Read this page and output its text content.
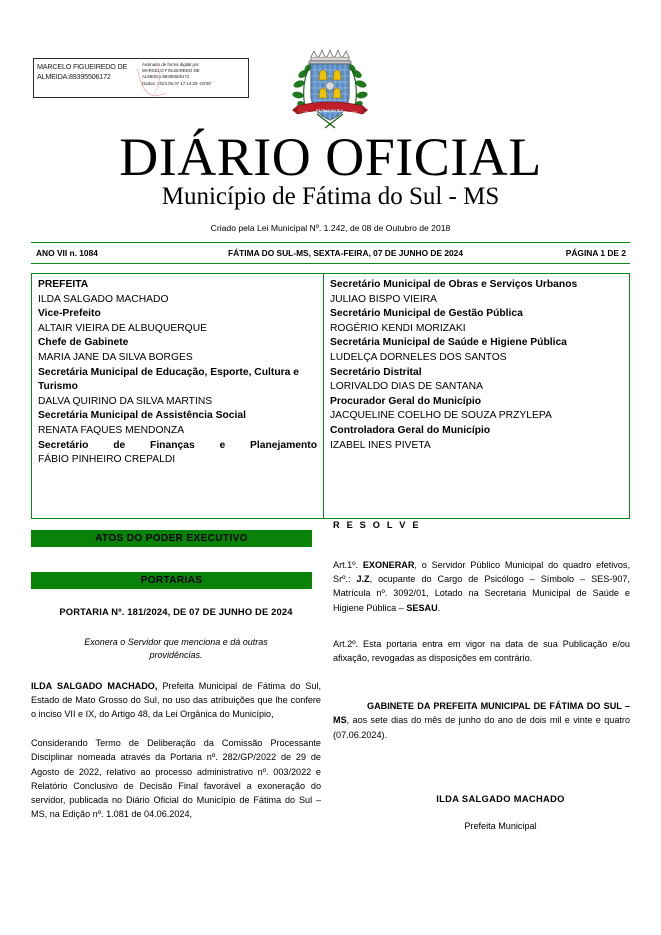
MARCELO FIGUEIREDO DE
ALMEIDA:89395506172
Assinado de forma digital por
MARCELO FIGUEIREDO DE
ALMEIDA:89395506172
Dados: 2024.06.07 17:14:29 -04'00'
FÁTIMA DO SUL
1958	1958
DIÁRIO OFICIAL
Município de Fátima do Sul - MS
Criado pela Lei Municipal Nº. 1.242, de 08 de Outubro de 2018
ANO VII n. 1084	FÁTIMA DO SUL-MS, SEXTA-FEIRA, 07 DE JUNHO DE 2024	PÁGINA 1 DE 2
PREFEITA
ILDA SALGADO MACHADO
Vice-Prefeito
ALTAIR VIEIRA DE ALBUQUERQUE
Chefe de Gabinete
MARIA JANE DA SILVA BORGES
Secretária Municipal de Educação, Esporte, Cultura e Turismo
DALVA QUIRINO DA SILVA MARTINS
Secretária Municipal de Assistência Social
RENATA FAQUES MENDONZA
Secretário de Finanças e Planejamento
FÁBIO PINHEIRO CREPALDI
Secretário Municipal de Obras e Serviços Urbanos
JULIAO BISPO VIEIRA
Secretário Municipal de Gestão Pública
ROGÉRIO KENDI MORIZAKI
Secretária Municipal de Saúde e Higiene Pública
LUDELÇA DORNELES DOS SANTOS
Secretário Distrital
LORIVALDO DIAS DE SANTANA
Procurador Geral do Município
JACQUELINE COELHO DE SOUZA PRZYLEPA
Controladora Geral do Município
IZABEL INES PIVETA
ATOS DO PODER EXECUTIVO
PORTARIAS
PORTARIA Nº. 181/2024, DE 07 DE JUNHO DE 2024
Exonera o Servidor que menciona e dá outras providências.
ILDA SALGADO MACHADO, Prefeita Municipal de Fátima do Sul, Estado de Mato Grosso do Sul, no uso das atribuições que lhe confere o inciso VII e IX, do Artigo 48, da Lei Orgânica do Município,
Considerando Termo de Deliberação da Comissão Processante Disciplinar nomeada através da Portaria nº. 282/GP/2022 de 29 de Agosto de 2022, relativo ao processo administrativo nº. 003/2022 e Relatório Conclusivo de Decisão Final favorável a exoneração do servidor, publicada no Diário Oficial do Município de Fátima do Sul – MS, na Edição nº. 1.081 de 04.06.2024,
R E S O L V E
Art.1º. EXONERAR, o Servidor Público Municipal do quadro efetivos, Srº.: J.Z, ocupante do Cargo de Psicólogo – Símbolo – SES-907, Matrícula nº. 3092/01, Lotado na Secretaria Municipal de Saúde e Higiene Pública – SESAU.
Art.2º. Esta portaria entra em vigor na data de sua Publicação e/ou afixação, revogadas as disposições em contrário.
GABINETE DA PREFEITA MUNICIPAL DE FÁTIMA DO SUL – MS, aos sete dias do mês de junho do ano de dois mil e vinte e quatro (07.06.2024).
ILDA SALGADO MACHADO
Prefeita Municipal
